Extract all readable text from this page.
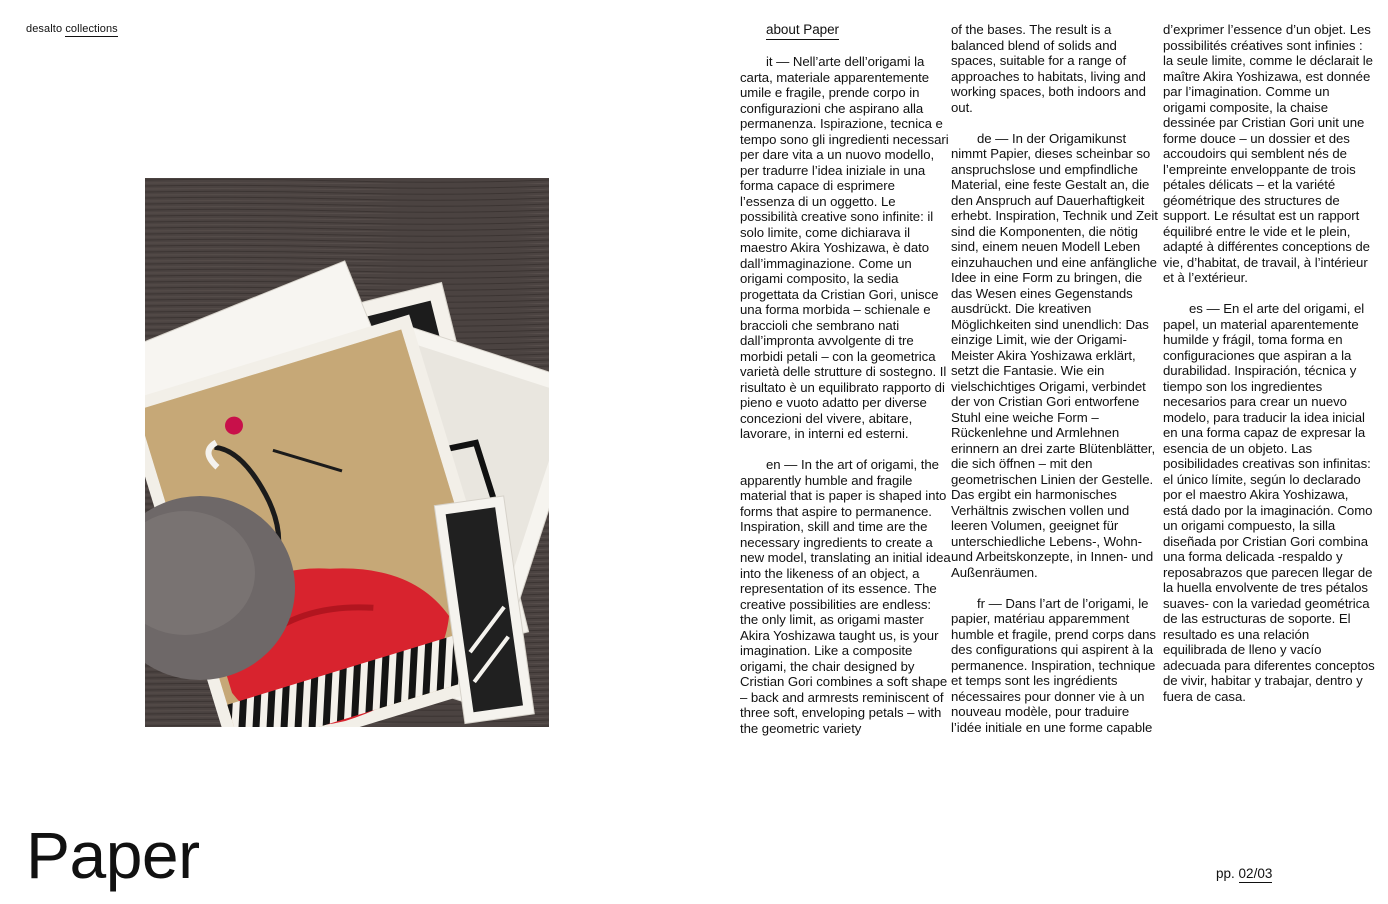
desalto collections
Paper
about Paper

it — Nell’arte dell’origami la carta, materiale apparentemente umile e fragile, prende corpo in configurazioni che aspirano alla permanenza. Ispirazione, tecnica e tempo sono gli ingredienti necessari per dare vita a un nuovo modello, per tradurre l’idea iniziale in una forma capace di esprimere l’essenza di un oggetto. Le possibilità creative sono infinite: il solo limite, come dichiarava il maestro Akira Yoshizawa, è dato dall’immaginazione. Come un origami composito, la sedia progettata da Cristian Gori, unisce una forma morbida – schienale e braccioli che sembrano nati dall’impronta avvolgente di tre morbidi petali – con la geometrica varietà delle strutture di sostegno. Il risultato è un equilibrato rapporto di pieno e vuoto adatto per diverse concezioni del vivere, abitare, lavorare, in interni ed esterni.

en — In the art of origami, the apparently humble and fragile material that is paper is shaped into forms that aspire to permanence. Inspiration, skill and time are the necessary ingredients to create a new model, translating an initial idea into the likeness of an object, a representation of its essence. The creative possibilities are endless: the only limit, as origami master Akira Yoshizawa taught us, is your imagination. Like a composite origami, the chair designed by Cristian Gori combines a soft shape – back and armrests reminiscent of three soft, enveloping petals – with the geometric variety

of the bases. The result is a balanced blend of solids and spaces, suitable for a range of approaches to habitats, living and working spaces, both indoors and out.

de — In der Origamikunst nimmt Papier, dieses scheinbar so anspruchslose und empfindliche Material, eine feste Gestalt an, die den Anspruch auf Dauerhaftigkeit erhebt. Inspiration, Technik und Zeit sind die Komponenten, die nötig sind, einem neuen Modell Leben einzuhauchen und eine anfängliche Idee in eine Form zu bringen, die das Wesen eines Gegenstands ausdrückt. Die kreativen Möglichkeiten sind unendlich: Das einzige Limit, wie der Origami-Meister Akira Yoshizawa erklärt, setzt die Fantasie. Wie ein vielschichtiges Origami, verbindet der von Cristian Gori entworfene Stuhl eine weiche Form – Rückenlehne und Armlehnen erinnern an drei zarte Blütenblätter, die sich öffnen – mit den geometrischen Linien der Gestelle. Das ergibt ein harmonisches Verhältnis zwischen vollen und leeren Volumen, geeignet für unterschiedliche Lebens-, Wohn- und Arbeitskonzepte, in Innen- und Außenräumen.

fr — Dans l’art de l’origami, le papier, matériau apparemment humble et fragile, prend corps dans des configurations qui aspirent à la permanence. Inspiration, technique et temps sont les ingrédients nécessaires pour donner vie à un nouveau modèle, pour traduire l’idée initiale en une forme capable

d’exprimer l’essence d’un objet. Les possibilités créatives sont infinies : la seule limite, comme le déclarait le maître Akira Yoshizawa, est donnée par l’imagination. Comme un origami composite, la chaise dessinée par Cristian Gori unit une forme douce – un dossier et des accoudoirs qui semblent nés de l’empreinte enveloppante de trois pétales délicats – et la variété géométrique des structures de support. Le résultat est un rapport équilibré entre le vide et le plein, adapté à différentes conceptions de vie, d’habitat, de travail, à l’intérieur et à l’extérieur.

es — En el arte del origami, el papel, un material aparentemente humilde y frágil, toma forma en configuraciones que aspiran a la durabilidad. Inspiración, técnica y tiempo son los ingredientes necesarios para crear un nuevo modelo, para traducir la idea inicial en una forma capaz de expresar la esencia de un objeto. Las posibilidades creativas son infinitas: el único límite, según lo declarado por el maestro Akira Yoshizawa, está dado por la imaginación. Como un origami compuesto, la silla diseñada por Cristian Gori combina una forma delicada -respaldo y reposabrazos que parecen llegar de la huella envolvente de tres pétalos suaves- con la variedad geométrica de las estructuras de soporte. El resultado es una relación equilibrada de lleno y vacío adecuada para diferentes conceptos de vivir, habitar y trabajar, dentro y fuera de casa.

pp. 02/03
